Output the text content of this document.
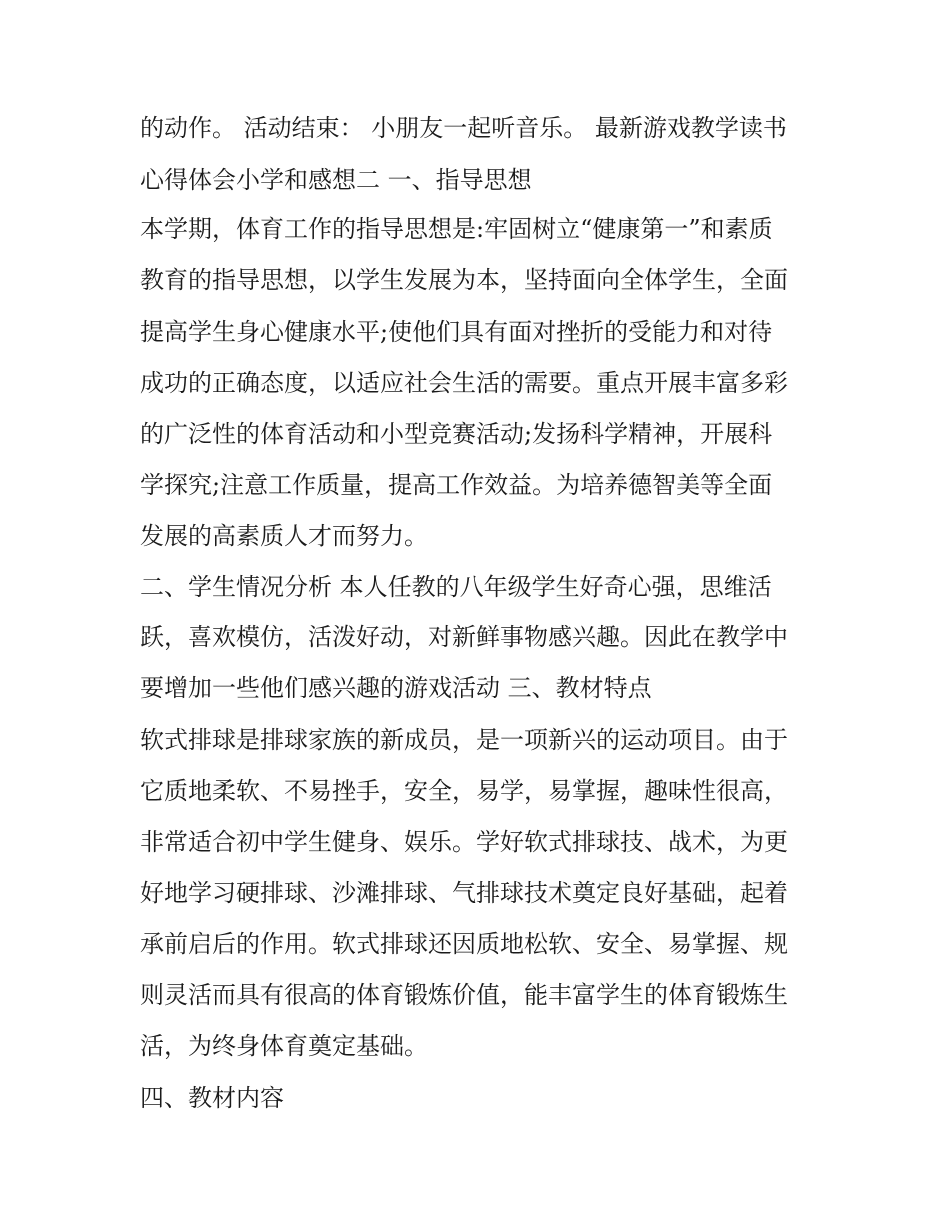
的动作。 活动结束： 小朋友一起听音乐。 最新游戏教学读书
心得体会小学和感想二 一、指导思想
本学期，体育工作的指导思想是:牢固树立“健康第一”和素质
教育的指导思想，以学生发展为本，坚持面向全体学生，全面
提高学生身心健康水平;使他们具有面对挫折的受能力和对待
成功的正确态度，以适应社会生活的需要。重点开展丰富多彩
的广泛性的体育活动和小型竞赛活动;发扬科学精神，开展科
学探究;注意工作质量，提高工作效益。为培养德智美等全面
发展的高素质人才而努力。
二、学生情况分析 本人任教的八年级学生好奇心强，思维活
跃，喜欢模仿，活泼好动，对新鲜事物感兴趣。因此在教学中
要增加一些他们感兴趣的游戏活动 三、教材特点
软式排球是排球家族的新成员，是一项新兴的运动项目。由于
它质地柔软、不易挫手，安全，易学，易掌握，趣味性很高，
非常适合初中学生健身、娱乐。学好软式排球技、战术，为更
好地学习硬排球、沙滩排球、气排球技术奠定良好基础，起着
承前启后的作用。软式排球还因质地松软、安全、易掌握、规
则灵活而具有很高的体育锻炼价值，能丰富学生的体育锻炼生
活，为终身体育奠定基础。
四、教材内容
